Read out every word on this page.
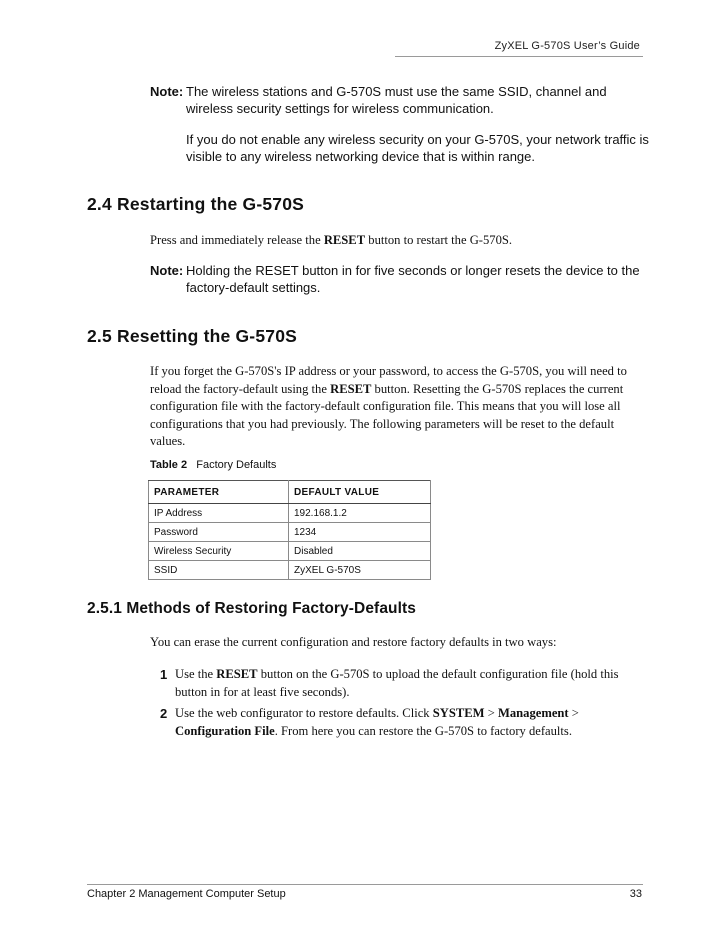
ZyXEL G-570S User’s Guide
Note: The wireless stations and G-570S must use the same SSID, channel and wireless security settings for wireless communication.
If you do not enable any wireless security on your G-570S, your network traffic is visible to any wireless networking device that is within range.
2.4 Restarting the G-570S
Press and immediately release the RESET button to restart the G-570S.
Note: Holding the RESET button in for five seconds or longer resets the device to the factory-default settings.
2.5 Resetting the G-570S
If you forget the G-570S's IP address or your password, to access the G-570S, you will need to reload the factory-default using the RESET button. Resetting the G-570S replaces the current configuration file with the factory-default configuration file. This means that you will lose all configurations that you had previously. The following parameters will be reset to the default values.
Table 2 Factory Defaults
PARAMETER	DEFAULT VALUE
IP Address	192.168.1.2
Password	1234
Wireless Security	Disabled
SSID	ZyXEL G-570S
2.5.1 Methods of Restoring Factory-Defaults
You can erase the current configuration and restore factory defaults in two ways:
1 Use the RESET button on the G-570S to upload the default configuration file (hold this button in for at least five seconds).
2 Use the web configurator to restore defaults. Click SYSTEM > Management > Configuration File. From here you can restore the G-570S to factory defaults.
Chapter 2 Management Computer Setup	33
